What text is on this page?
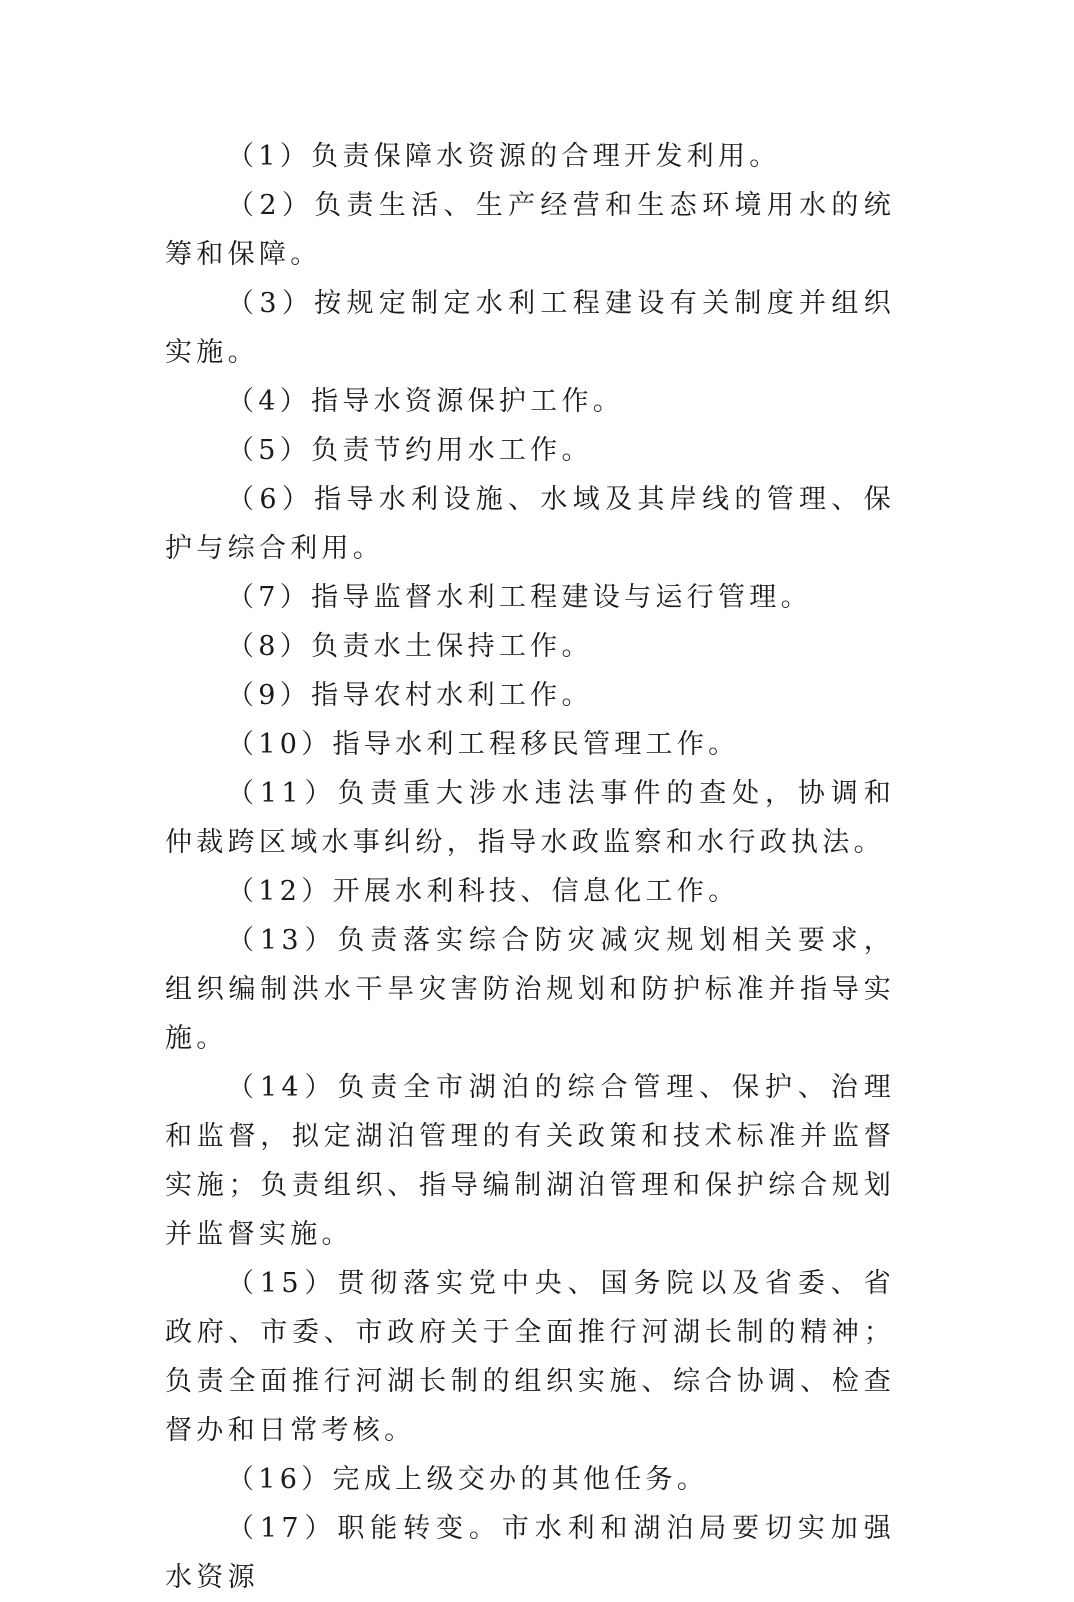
（1）负责保障水资源的合理开发利用。

（2）负责生活、生产经营和生态环境用水的统筹和保障。

（3）按规定制定水利工程建设有关制度并组织实施。

（4）指导水资源保护工作。

（5）负责节约用水工作。

（6）指导水利设施、水域及其岸线的管理、保护与综合利用。

（7）指导监督水利工程建设与运行管理。

（8）负责水土保持工作。

（9）指导农村水利工作。

（10）指导水利工程移民管理工作。

（11）负责重大涉水违法事件的查处，协调和仲裁跨区域水事纠纷，指导水政监察和水行政执法。

（12）开展水利科技、信息化工作。

（13）负责落实综合防灾减灾规划相关要求，组织编制洪水干旱灾害防治规划和防护标准并指导实施。

（14）负责全市湖泊的综合管理、保护、治理和监督，拟定湖泊管理的有关政策和技术标准并监督实施；负责组织、指导编制湖泊管理和保护综合规划并监督实施。

（15）贯彻落实党中央、国务院以及省委、省政府、市委、市政府关于全面推行河湖长制的精神；负责全面推行河湖长制的组织实施、综合协调、检查督办和日常考核。

（16）完成上级交办的其他任务。

（17）职能转变。市水利和湖泊局要切实加强水资源
